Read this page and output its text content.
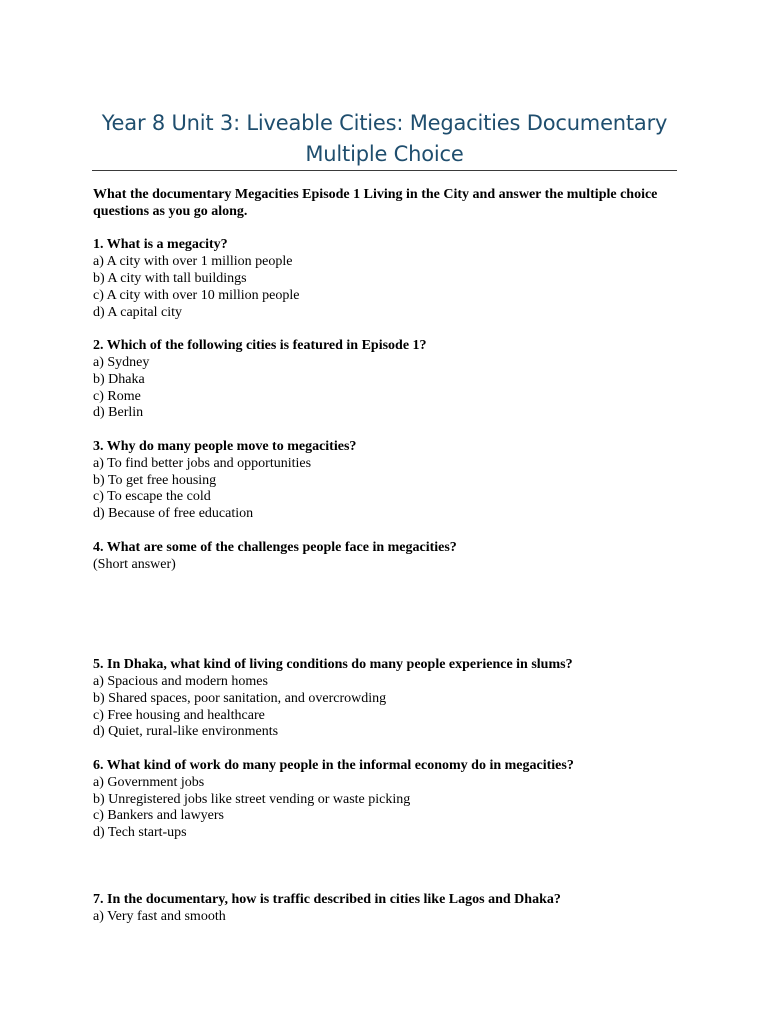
Year 8 Unit 3: Liveable Cities: Megacities Documentary Multiple Choice

What the documentary Megacities Episode 1 Living in the City and answer the multiple choice questions as you go along.

1. What is a megacity?
a) A city with over 1 million people
b) A city with tall buildings
c) A city with over 10 million people
d) A capital city
2. Which of the following cities is featured in Episode 1?
a) Sydney
b) Dhaka
c) Rome
d) Berlin
3. Why do many people move to megacities?
a) To find better jobs and opportunities
b) To get free housing
c) To escape the cold
d) Because of free education
4. What are some of the challenges people face in megacities?
(Short answer)
5. In Dhaka, what kind of living conditions do many people experience in slums?
a) Spacious and modern homes
b) Shared spaces, poor sanitation, and overcrowding
c) Free housing and healthcare
d) Quiet, rural-like environments
6. What kind of work do many people in the informal economy do in megacities?
a) Government jobs
b) Unregistered jobs like street vending or waste picking
c) Bankers and lawyers
d) Tech start-ups
7. In the documentary, how is traffic described in cities like Lagos and Dhaka?
a) Very fast and smooth
